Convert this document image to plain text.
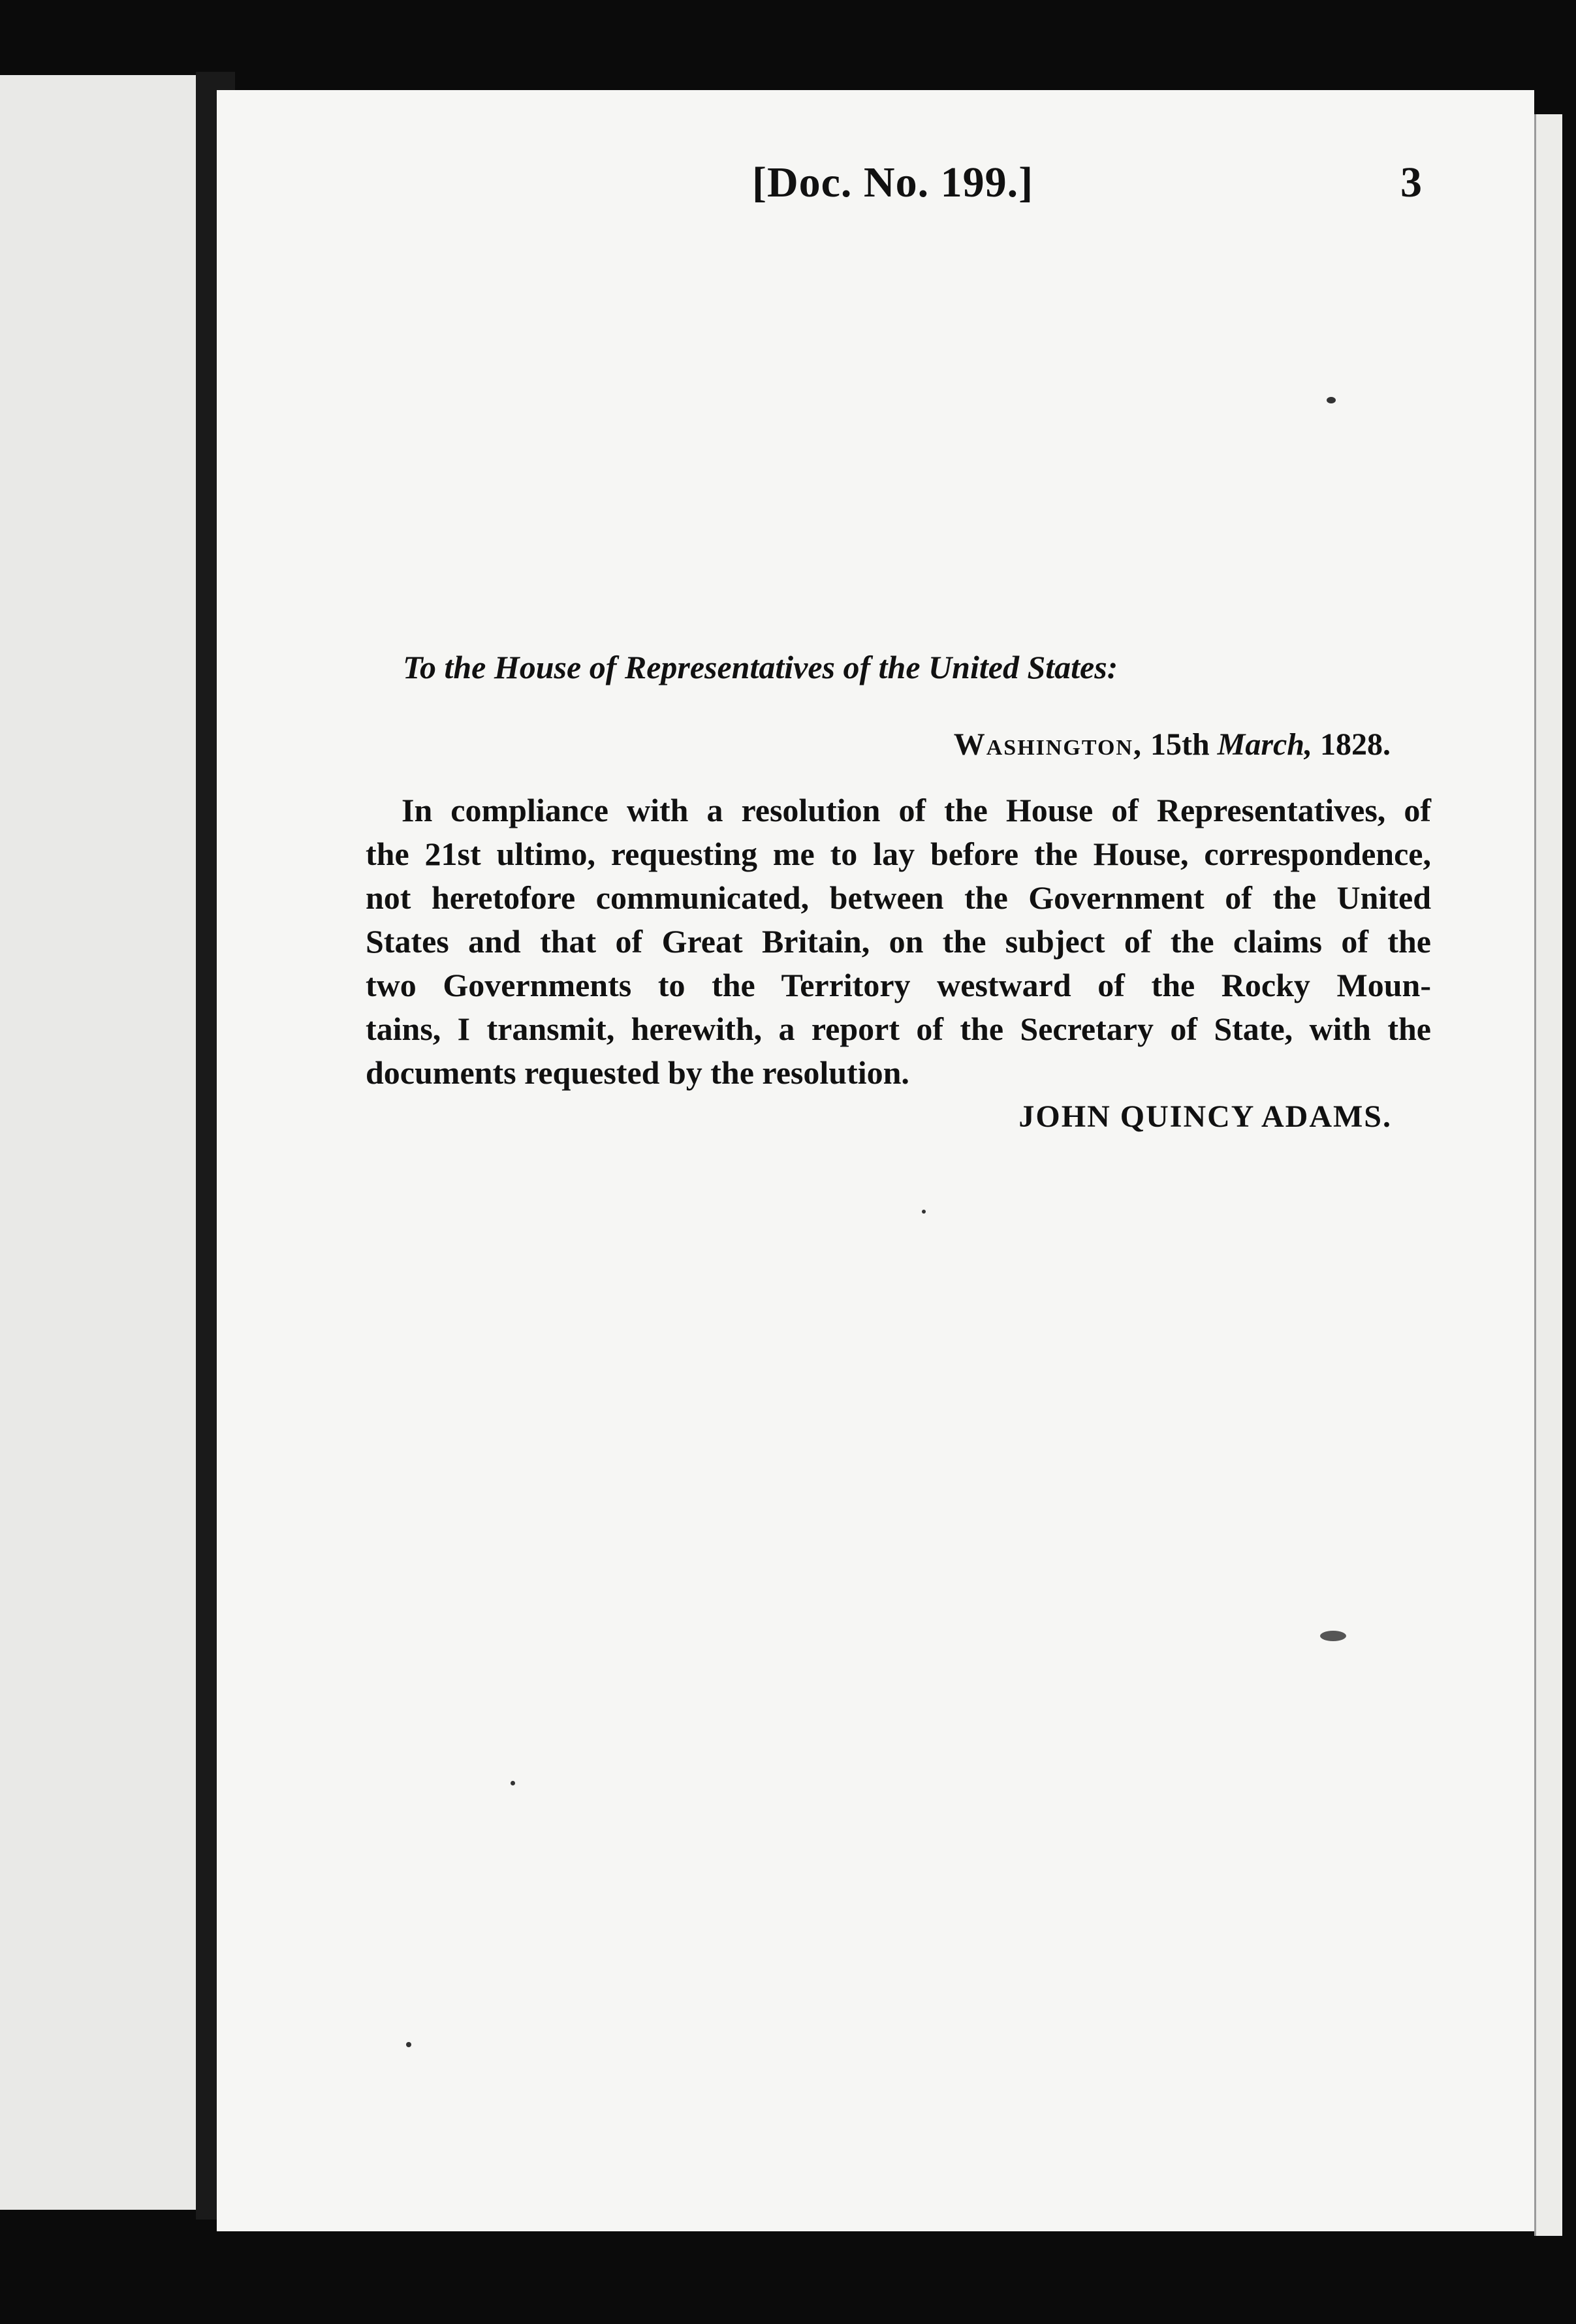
[Doc. No. 199.]	3
To the House of Representatives of the United States:
Washington, 15th March, 1828.
In compliance with a resolution of the House of Representatives, of
the 21st ultimo, requesting me to lay before the House, correspondence,
not heretofore communicated, between the Government of the United
States and that of Great Britain, on the subject of the claims of the
two Governments to the Territory westward of the Rocky Moun-
tains, I transmit, herewith, a report of the Secretary of State, with the
documents requested by the resolution.
JOHN QUINCY ADAMS.
